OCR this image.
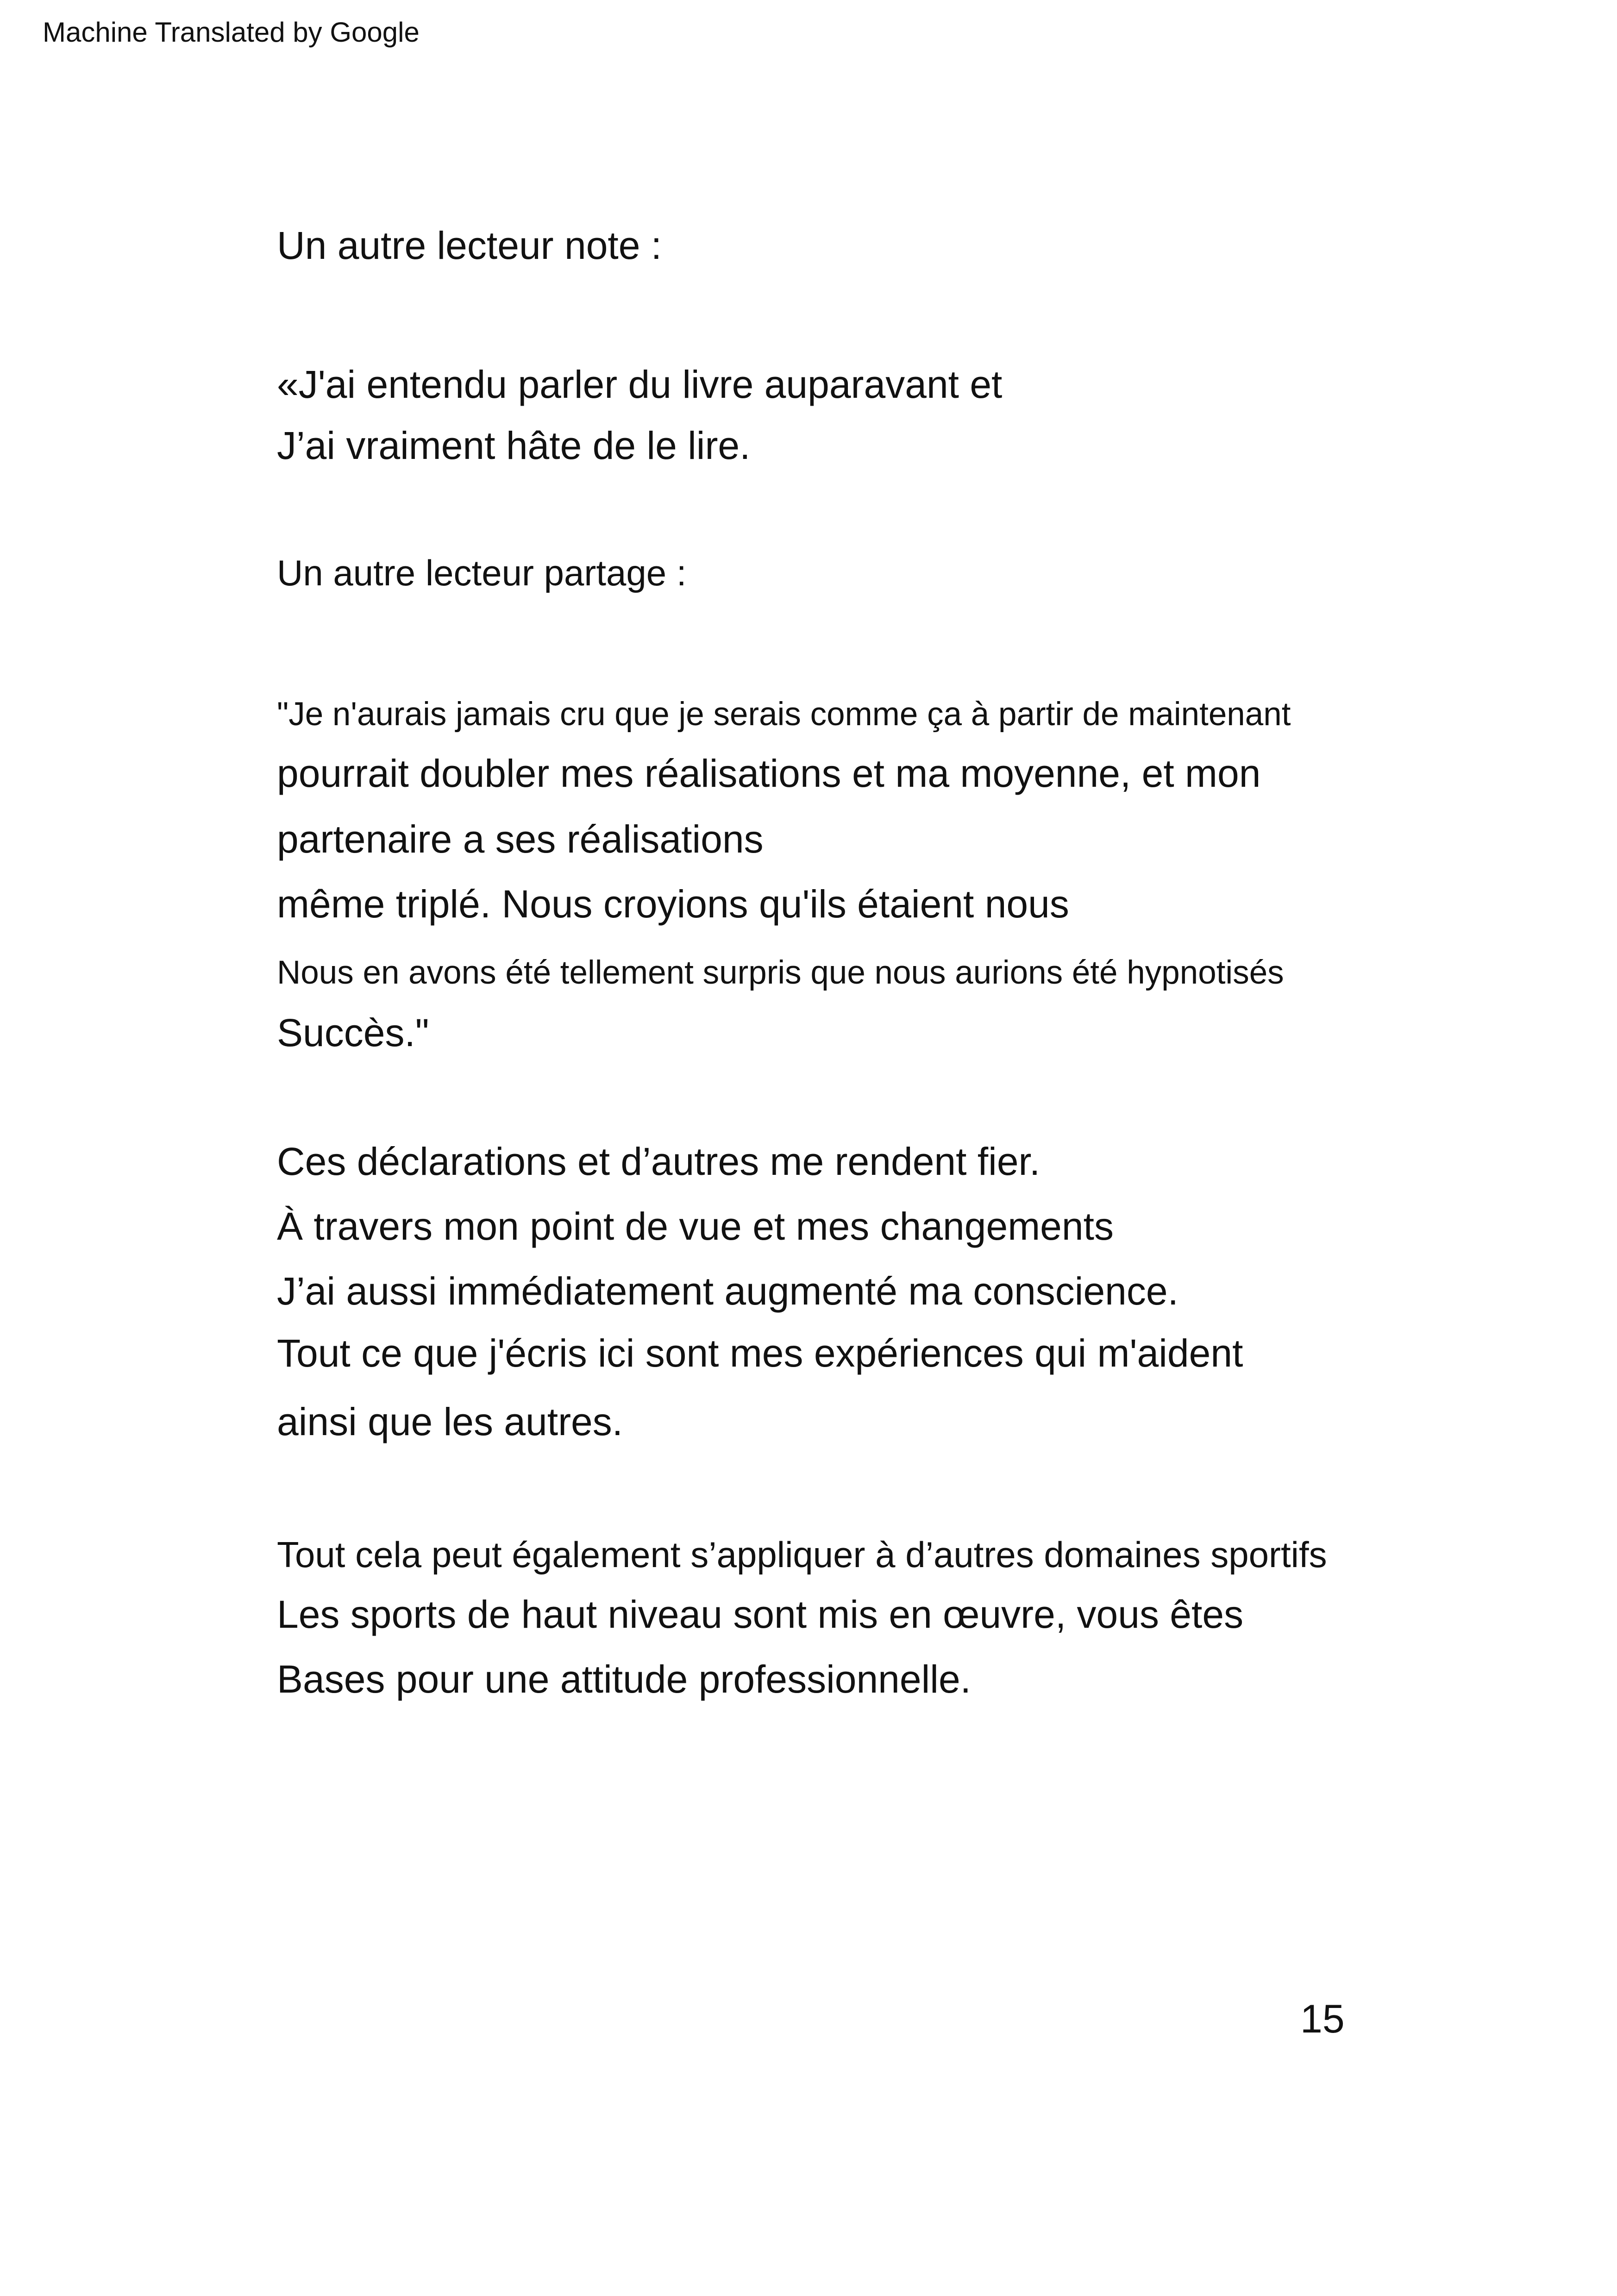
Machine Translated by Google
Un autre lecteur note :
«J'ai entendu parler du livre auparavant et
J’ai vraiment hâte de le lire.
Un autre lecteur partage :
"Je n'aurais jamais cru que je serais comme ça à partir de maintenant
pourrait doubler mes réalisations et ma moyenne, et mon
partenaire a ses réalisations
même triplé. Nous croyions qu'ils étaient nous
Nous en avons été tellement surpris que nous aurions été hypnotisés
Succès."
Ces déclarations et d’autres me rendent fier.
À travers mon point de vue et mes changements
J’ai aussi immédiatement augmenté ma conscience.
Tout ce que j'écris ici sont mes expériences qui m'aident
ainsi que les autres.
Tout cela peut également s’appliquer à d’autres domaines sportifs
Les sports de haut niveau sont mis en œuvre, vous êtes
Bases pour une attitude professionnelle.
15
